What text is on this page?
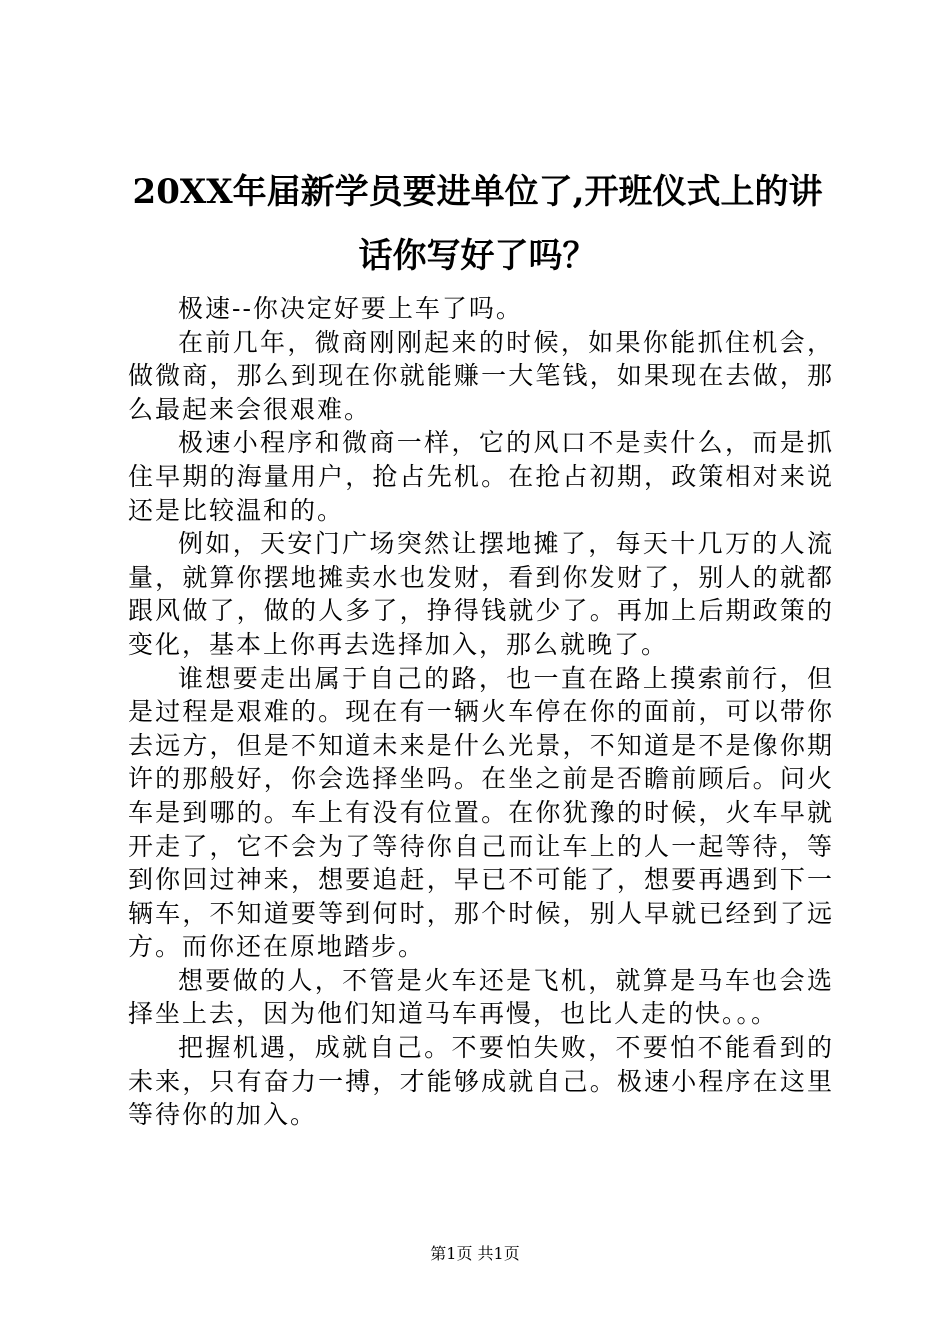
20XX年届新学员要进单位了,开班仪式上的讲话你写好了吗？

极速--你决定好要上车了吗。

在前几年，微商刚刚起来的时候，如果你能抓住机会，做微商，那么到现在你就能赚一大笔钱，如果现在去做，那么最起来会很艰难。

极速小程序和微商一样，它的风口不是卖什么，而是抓住早期的海量用户，抢占先机。在抢占初期，政策相对来说还是比较温和的。

例如，天安门广场突然让摆地摊了，每天十几万的人流量，就算你摆地摊卖水也发财，看到你发财了，别人的就都跟风做了，做的人多了，挣得钱就少了。再加上后期政策的变化，基本上你再去选择加入，那么就晚了。

谁想要走出属于自己的路，也一直在路上摸索前行，但是过程是艰难的。现在有一辆火车停在你的面前，可以带你去远方，但是不知道未来是什么光景，不知道是不是像你期许的那般好，你会选择坐吗。在坐之前是否瞻前顾后。问火车是到哪的。车上有没有位置。在你犹豫的时候，火车早就开走了，它不会为了等待你自己而让车上的人一起等待，等到你回过神来，想要追赶，早已不可能了，想要再遇到下一辆车，不知道要等到何时，那个时候，别人早就已经到了远方。而你还在原地踏步。

想要做的人，不管是火车还是飞机，就算是马车也会选择坐上去，因为他们知道马车再慢，也比人走的快。。。

把握机遇，成就自己。不要怕失败，不要怕不能看到的未来，只有奋力一搏，才能够成就自己。极速小程序在这里等待你的加入。

第1页 共1页
